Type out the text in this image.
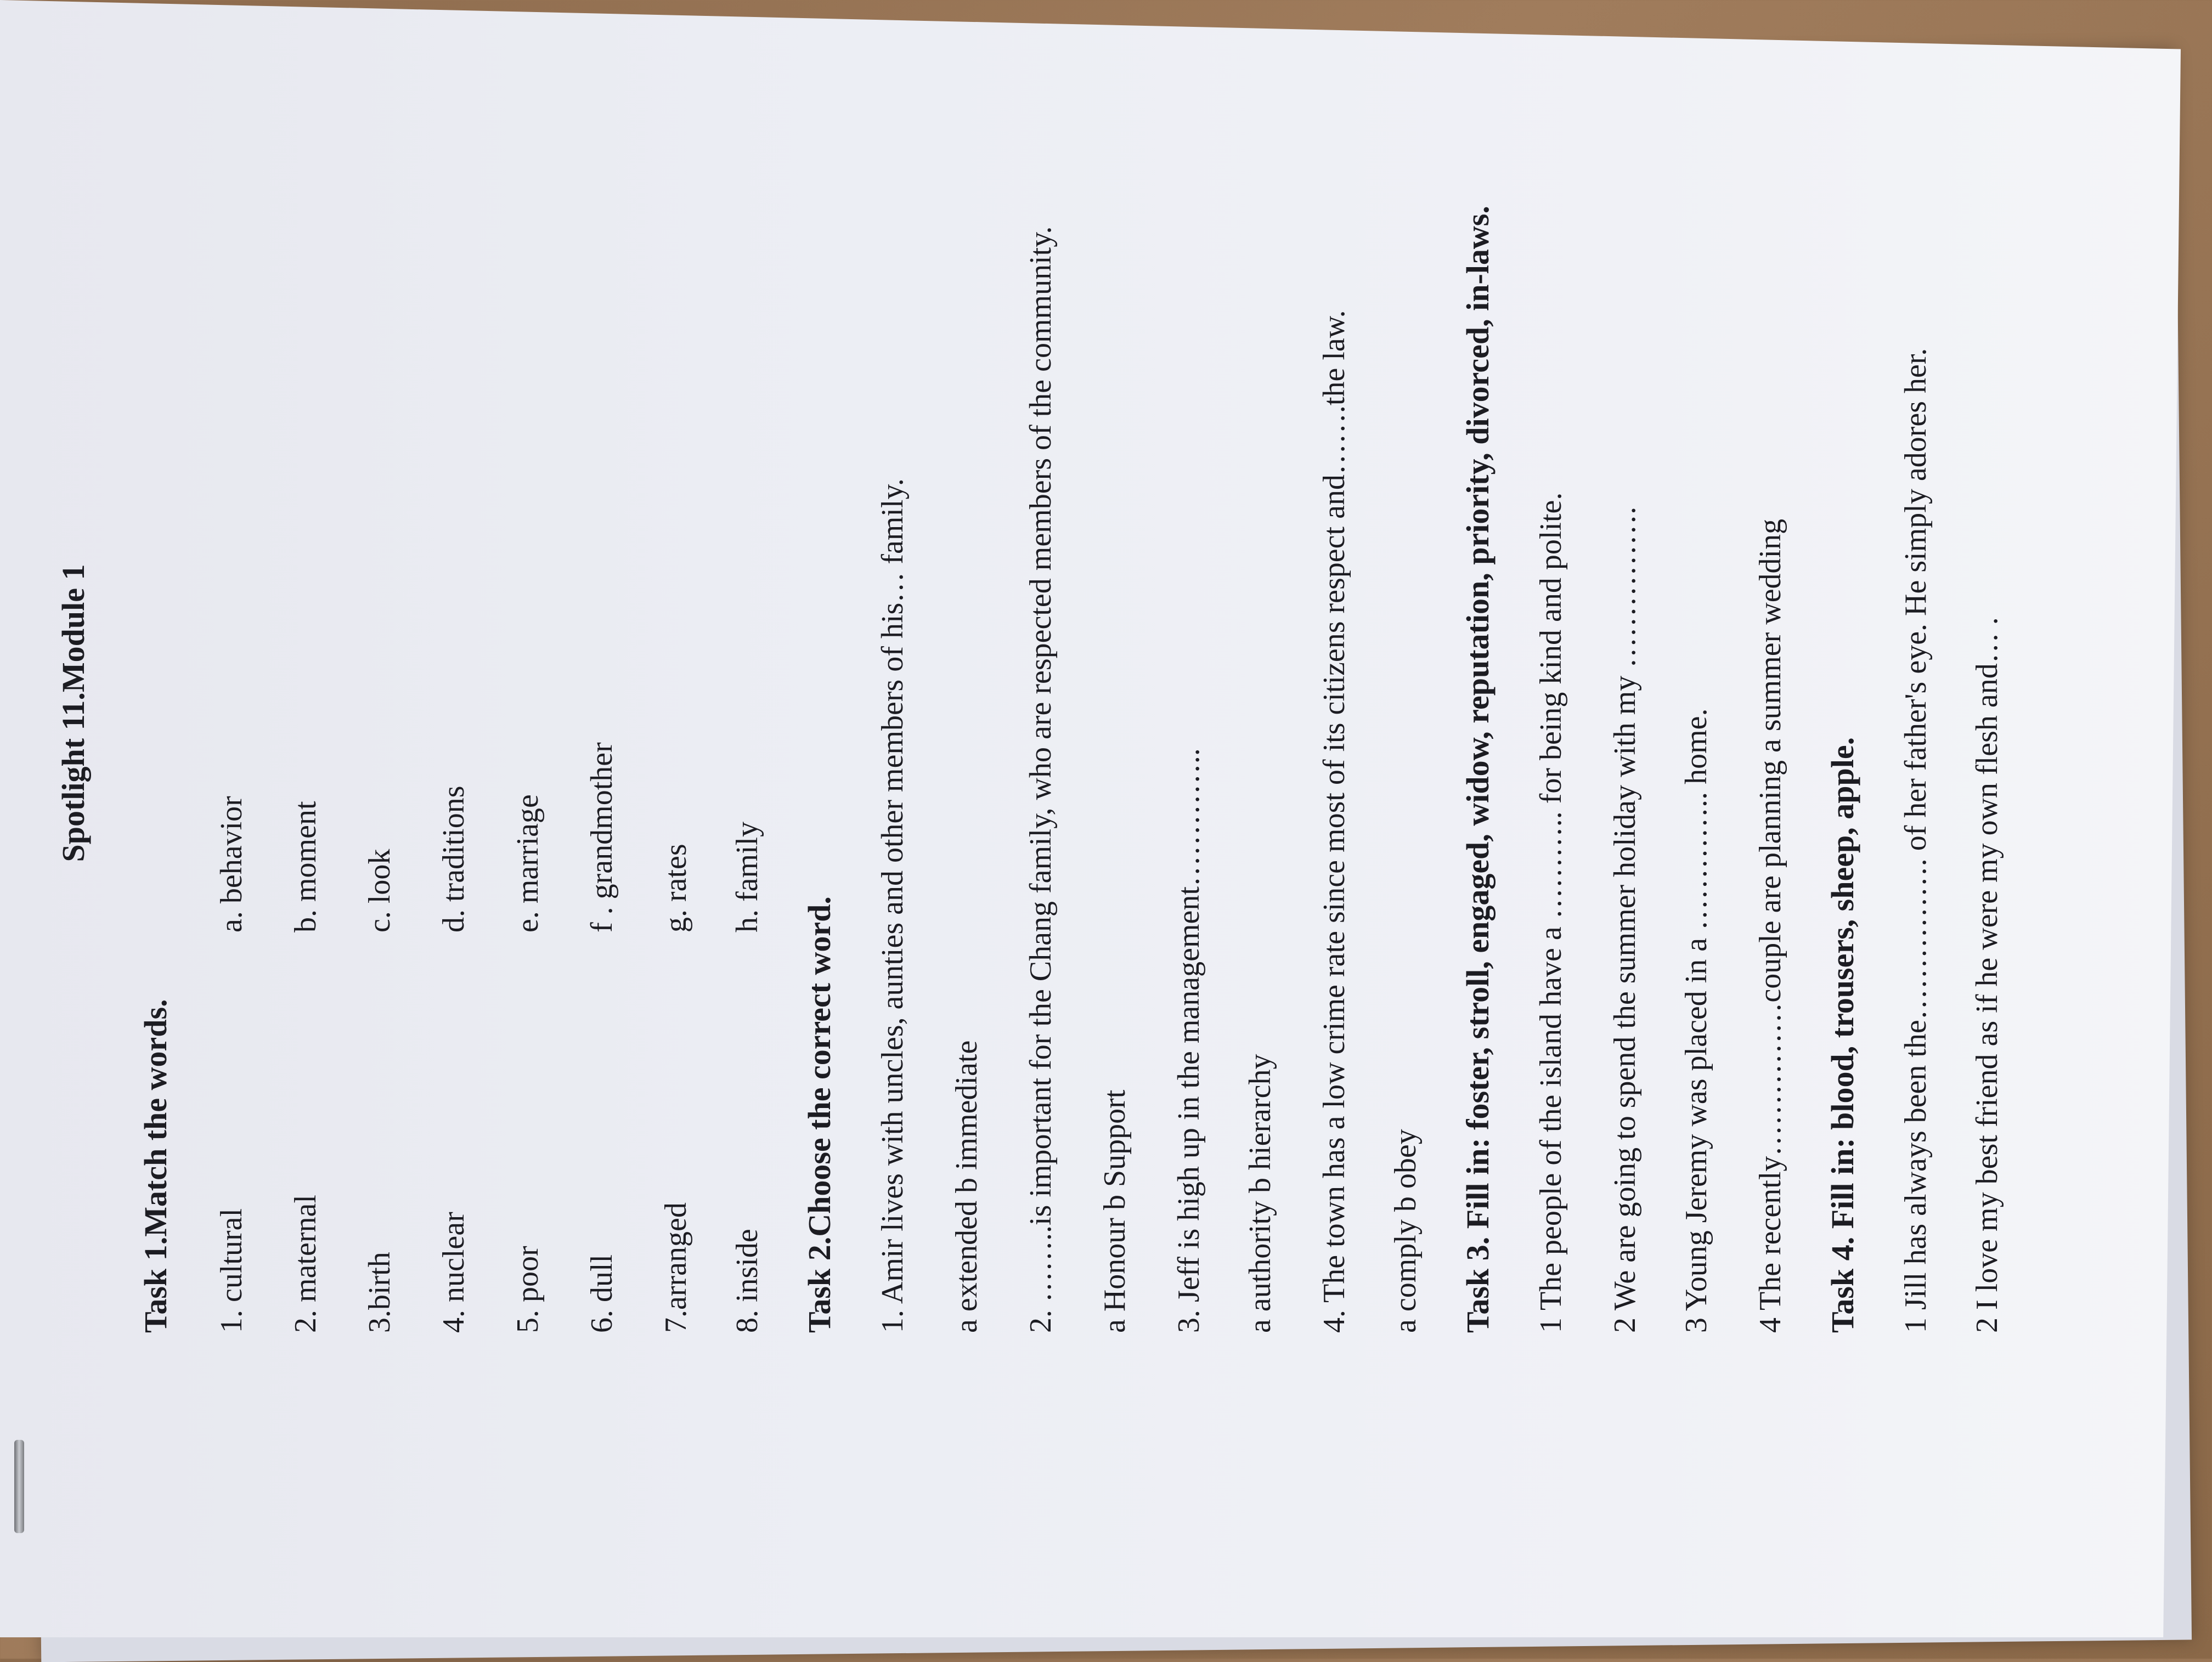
Spotlight 11.Module 1
Task 1.Match the words. 1. cultural
a. behavior
2. maternal
b. moment
3.birth
c. look
4. nuclear
d. traditions
5. poor
e. marriage
6. dull
f . grandmother
7.arranged
g. rates
8. inside
h. family
Task 2.Choose the correct word. 1. Amir lives with uncles, aunties and other members of his… family. a extended b immediate 2. ……..is important for the Chang family, who are respected members of the community. a Honour b Support 3. Jeff is high up in the management………….. a authority b hierarchy 4. The town has a low crime rate since most of its citizens respect and…….the law. a comply b obey Task 3. Fill in: foster, stroll, engaged, widow, reputation, priority, divorced, in-laws. 1 The people of the island have a ……….. for being kind and polite. 2 We are going to spend the summer holiday with my ……………. 3 Young Jeremy was placed in a ………….. home. 4 The recently……………couple are planning a summer wedding Task 4. Fill in: blood, trousers, sheep, apple. 1 Jill has always been the……………. of her father's eye. He simply adores her. 2 I love my best friend as if he were my own flesh and… .
